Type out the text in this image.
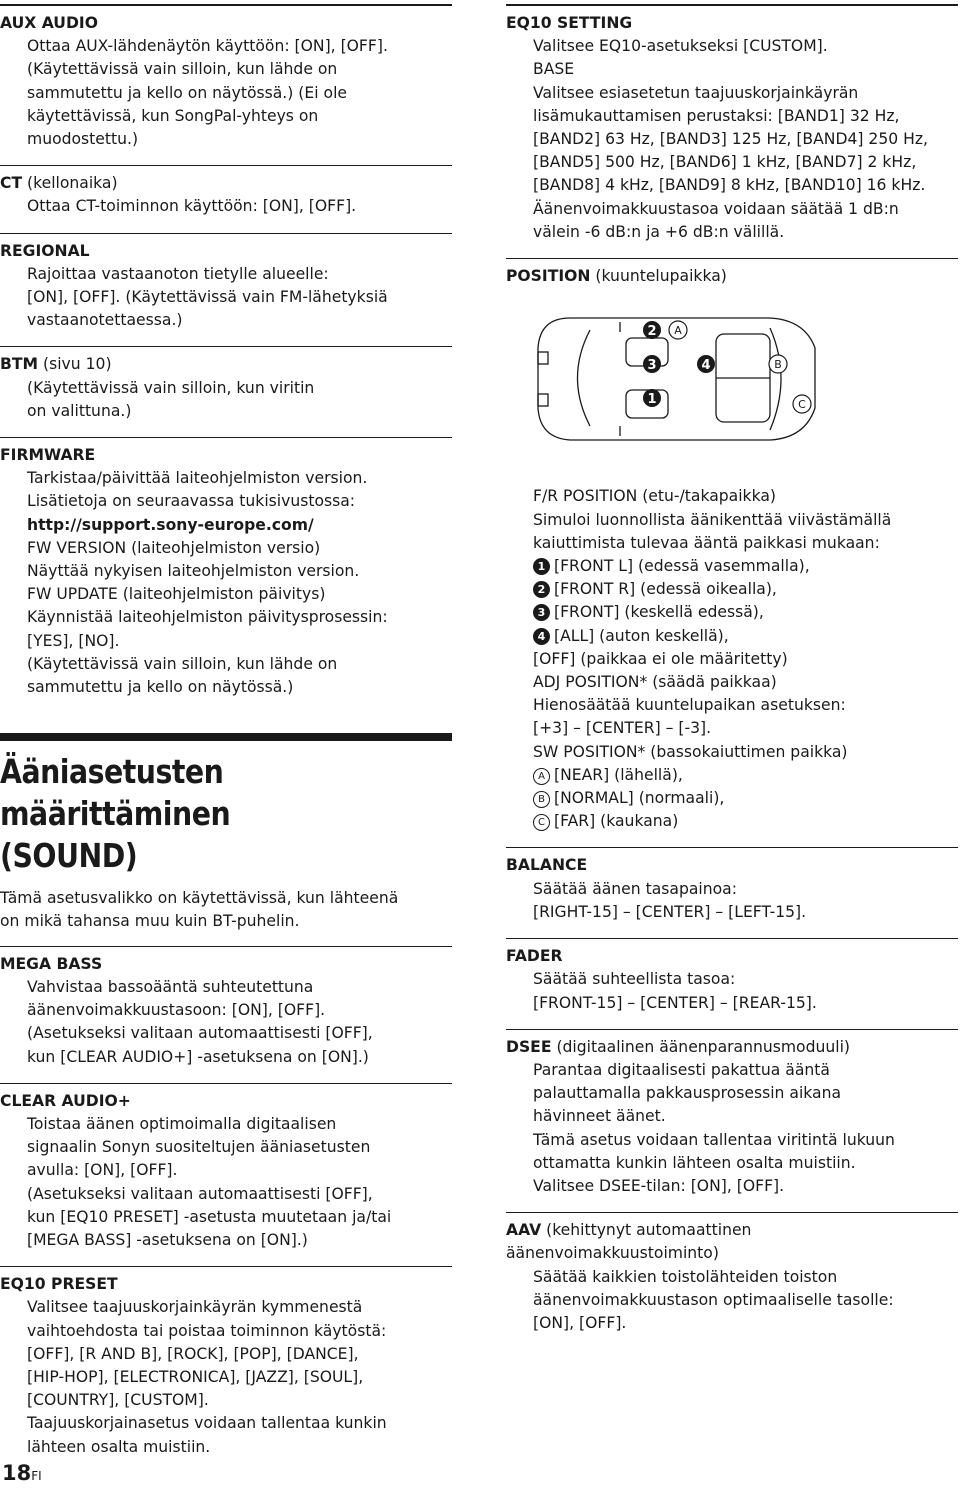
AUX AUDIO

Ottaa AUX-lähdenäytön käyttöön: [ON], [OFF].

(Käytettävissä vain silloin, kun lähde on

sammutettu ja kello on näytössä.) (Ei ole

käytettävissä, kun SongPal-yhteys on

muodostettu.)

CT (kellonaika)

Ottaa CT-toiminnon käyttöön: [ON], [OFF].

REGIONAL

Rajoittaa vastaanoton tietylle alueelle:

[ON], [OFF]. (Käytettävissä vain FM-lähetyksiä

vastaanotettaessa.)

BTM (sivu 10)

(Käytettävissä vain silloin, kun viritin

on valittuna.)

FIRMWARE

Tarkistaa/päivittää laiteohjelmiston version.

Lisätietoja on seuraavassa tukisivustossa:

http://support.sony-europe.com/

FW VERSION (laiteohjelmiston versio)

Näyttää nykyisen laiteohjelmiston version.

FW UPDATE (laiteohjelmiston päivitys)

Käynnistää laiteohjelmiston päivitysprosessin:

[YES], [NO].

(Käytettävissä vain silloin, kun lähde on

sammutettu ja kello on näytössä.)

Ääniasetusten määrittäminen
(SOUND)

Tämä asetusvalikko on käytettävissä, kun lähteenä

on mikä tahansa muu kuin BT-puhelin.

MEGA BASS

Vahvistaa bassoääntä suhteutettuna

äänenvoimakkuustasoon: [ON], [OFF].

(Asetukseksi valitaan automaattisesti [OFF],

kun [CLEAR AUDIO+] -asetuksena on [ON].)

CLEAR AUDIO+

Toistaa äänen optimoimalla digitaalisen

signaalin Sonyn suositeltujen ääniasetusten

avulla: [ON], [OFF].

(Asetukseksi valitaan automaattisesti [OFF],

kun [EQ10 PRESET] -asetusta muutetaan ja/tai

[MEGA BASS] -asetuksena on [ON].)

EQ10 PRESET

Valitsee taajuuskorjainkäyrän kymmenestä

vaihtoehdosta tai poistaa toiminnon käytöstä:

[OFF], [R AND B], [ROCK], [POP], [DANCE],

[HIP-HOP], [ELECTRONICA], [JAZZ], [SOUL],

[COUNTRY], [CUSTOM].

Taajuuskorjainasetus voidaan tallentaa kunkin

lähteen osalta muistiin.

EQ10 SETTING

Valitsee EQ10-asetukseksi [CUSTOM].

BASE

Valitsee esiasetetun taajuuskorjainkäyrän

lisämukauttamisen perustaksi: [BAND1] 32 Hz,

[BAND2] 63 Hz, [BAND3] 125 Hz, [BAND4] 250 Hz,

[BAND5] 500 Hz, [BAND6] 1 kHz, [BAND7] 2 kHz,

[BAND8] 4 kHz, [BAND9] 8 kHz, [BAND10] 16 kHz.

Äänenvoimakkuustasoa voidaan säätää 1 dB:n

välein -6 dB:n ja +6 dB:n välillä.

POSITION (kuuntelupaikka)

2
3
1
4
A
B
C

F/R POSITION (etu-/takapaikka)

Simuloi luonnollista äänikenttää viivästämällä

kaiuttimista tulevaa ääntä paikkasi mukaan:

1 [FRONT L] (edessä vasemmalla),

2 [FRONT R] (edessä oikealla),

3 [FRONT] (keskellä edessä),

4 [ALL] (auton keskellä),

[OFF] (paikkaa ei ole määritetty)

ADJ POSITION* (säädä paikkaa)

Hienosäätää kuuntelupaikan asetuksen:

[+3] – [CENTER] – [-3].

SW POSITION* (bassokaiuttimen paikka)

A [NEAR] (lähellä),

B [NORMAL] (normaali),

C [FAR] (kaukana)

BALANCE

Säätää äänen tasapainoa:

[RIGHT-15] – [CENTER] – [LEFT-15].

FADER

Säätää suhteellista tasoa:

[FRONT-15] – [CENTER] – [REAR-15].

DSEE (digitaalinen äänenparannusmoduuli)

Parantaa digitaalisesti pakattua ääntä

palauttamalla pakkausprosessin aikana

hävinneet äänet.

Tämä asetus voidaan tallentaa viritintä lukuun

ottamatta kunkin lähteen osalta muistiin.

Valitsee DSEE-tilan: [ON], [OFF].

AAV (kehittynyt automaattinen

äänenvoimakkuustoiminto)

Säätää kaikkien toistolähteiden toiston

äänenvoimakkuustason optimaaliselle tasolle:

[ON], [OFF].

18FI
